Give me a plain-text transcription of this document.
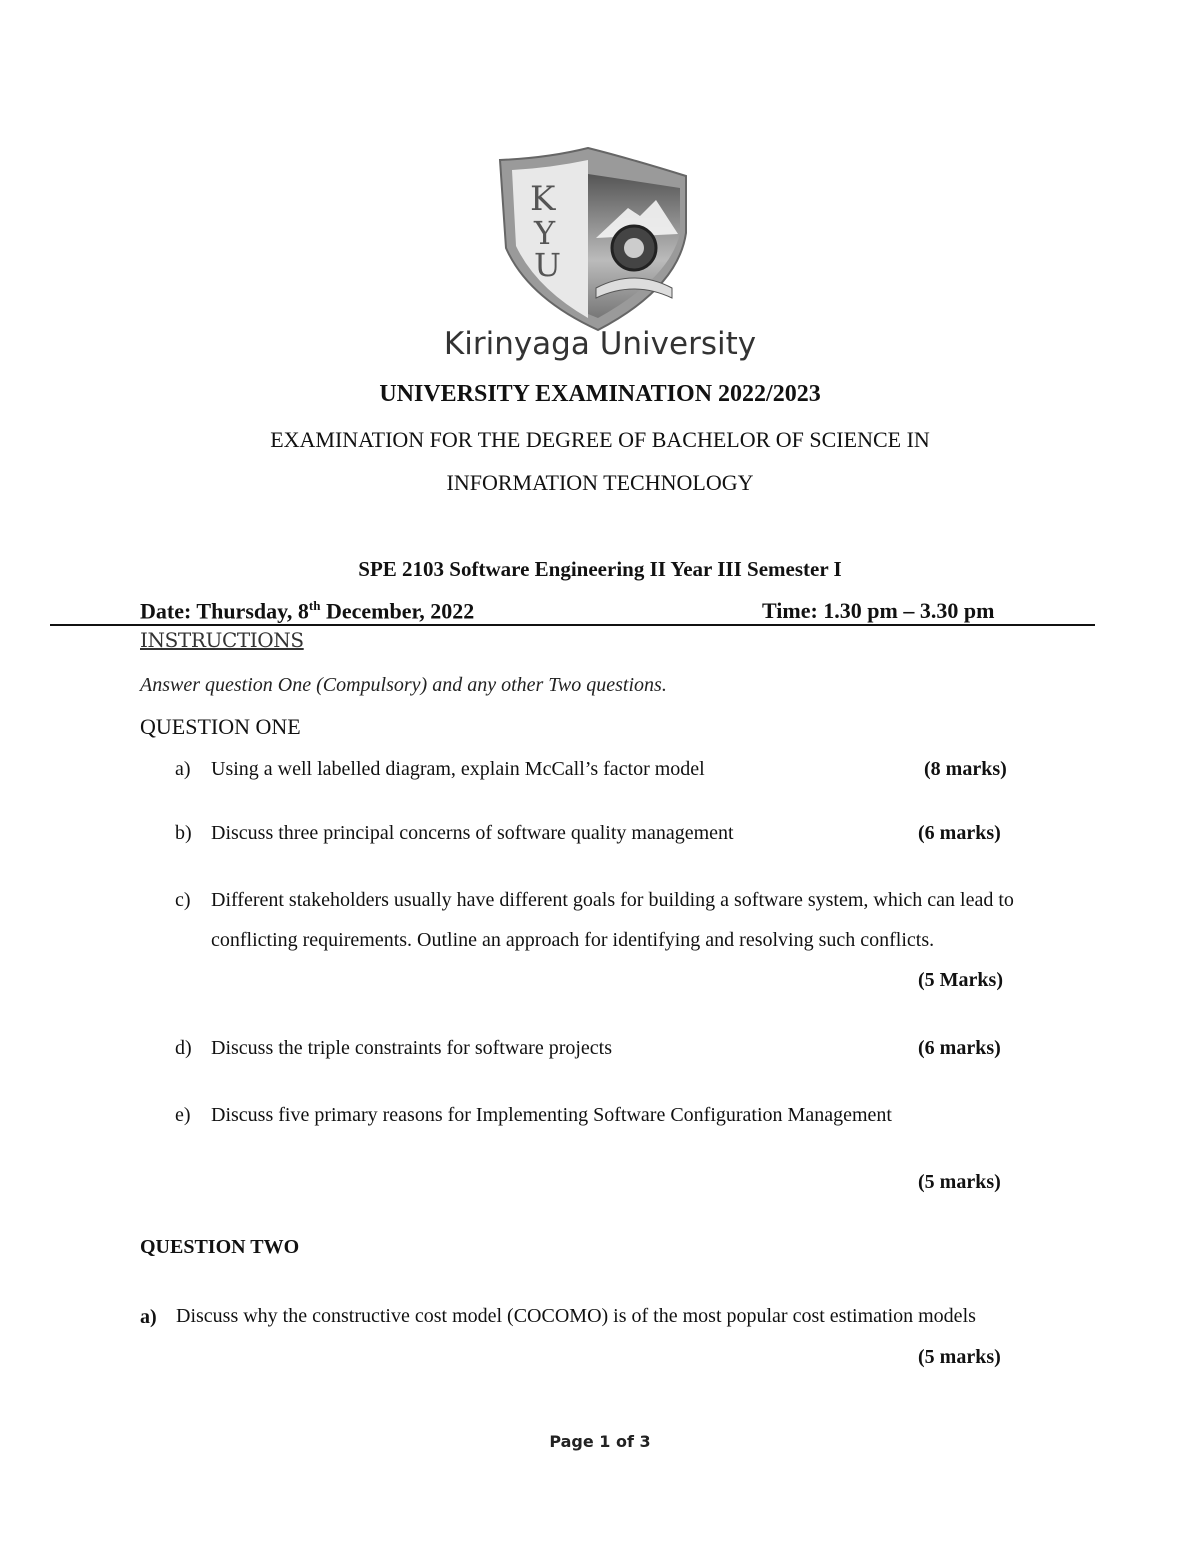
K
Y
U
Kirinyaga University
UNIVERSITY EXAMINATION 2022/2023
EXAMINATION FOR THE DEGREE OF BACHELOR OF SCIENCE IN
INFORMATION TECHNOLOGY
SPE 2103 Software Engineering II Year III Semester I
Date: Thursday, 8th December, 2022	Time: 1.30 pm – 3.30 pm
INSTRUCTIONS
Answer question One (Compulsory) and any other Two questions.
QUESTION ONE
a) Using a well labelled diagram, explain McCall’s factor model	(8 marks)
b) Discuss three principal concerns of software quality management	(6 marks)
c) Different stakeholders usually have different goals for building a software system, which can lead to conflicting requirements. Outline an approach for identifying and resolving such conflicts.
(5 Marks)
d) Discuss the triple constraints for software projects	(6 marks)
e) Discuss five primary reasons for Implementing Software Configuration Management
(5 marks)
QUESTION TWO
a) Discuss why the constructive cost model (COCOMO) is of the most popular cost estimation models
(5 marks)
Page 1 of 3
